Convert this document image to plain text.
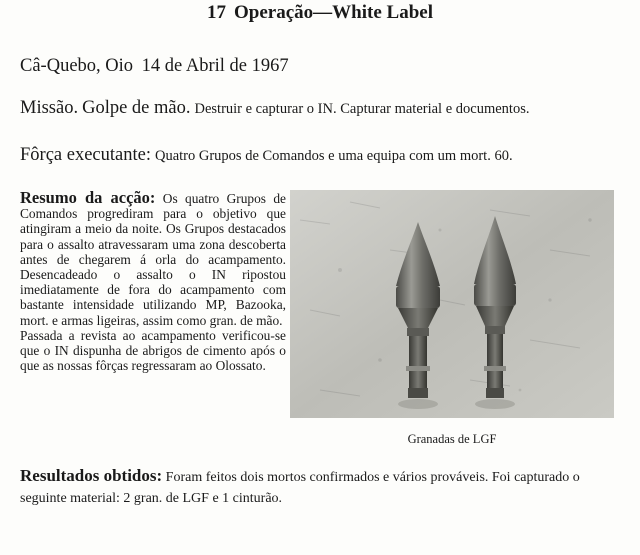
17 Operação—White Label
Câ-Quebo, Oio 14 de Abril de 1967
Missão. Golpe de mão. Destruir e capturar o IN. Capturar material e documentos.
Fôrça executante: Quatro Grupos de Comandos e uma equipa com um mort. 60.

Resumo da acção: Os quatro Grupos de Comandos progrediram para o objetivo que atingiram a meio da noite. Os Grupos destacados para o assalto atravessaram uma zona descoberta antes de chegarem á orla do acampamento. Desencadeado o assalto o IN ripostou imediatamente de fora do acampamento com bastante intensidade utilizando MP, Bazooka, mort. e armas ligeiras, assim como gran. de mão.

Passada a revista ao acampamento verificou-se que o IN dispunha de abrigos de cimento após o que as nossas fôrças regressaram ao Olossato.

Granadas de LGF
Resultados obtidos: Foram feitos dois mortos confirmados e vários prováveis. Foi capturado o seguinte material: 2 gran. de LGF e 1 cinturão.
